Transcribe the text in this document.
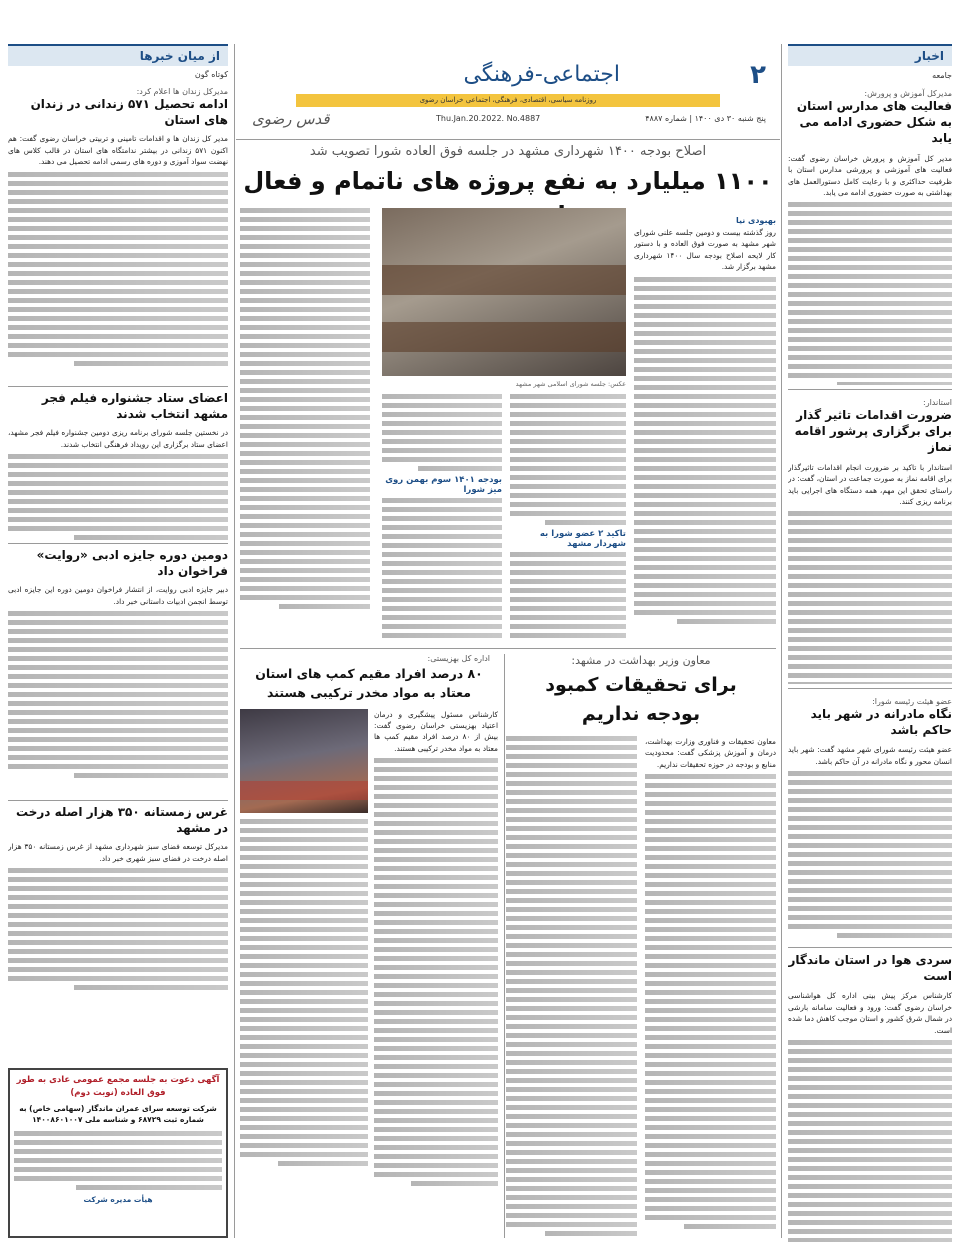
۲
اجتماعی-فرهنگی
روزنامه سیاسی، اقتصادی، فرهنگی، اجتماعی خراسان رضوی
پنج شنبه ۳۰ دی ۱۴۰۰ | شماره ۴۸۸۷
Thu.Jan.20.2022. No.4887
قدس رضوی
اخبار
جامعه
مدیرکل آموزش و پرورش:
فعالیت های مدارس استان به شکل حضوری ادامه می یابد
مدیر کل آموزش و پرورش خراسان رضوی گفت: فعالیت های آموزشی و پرورشی مدارس استان با ظرفیت حداکثری و با رعایت کامل دستورالعمل های بهداشتی به صورت حضوری ادامه می یابد.
استاندار:
ضرورت اقدامات تاثیر گذار برای برگزاری پرشور اقامه نماز
استاندار با تاکید بر ضرورت انجام اقدامات تاثیرگذار برای اقامه نماز به صورت جماعت در استان، گفت: در راستای تحقق این مهم، همه دستگاه های اجرایی باید برنامه ریزی کنند.
عضو هیئت رئیسه شورا:
نگاه مادرانه در شهر باید حاکم باشد
عضو هیئت رئیسه شورای شهر مشهد گفت: شهر باید انسان محور و نگاه مادرانه در آن حاکم باشد.
سردی هوا در استان ماندگار است
کارشناس مرکز پیش بینی اداره کل هواشناسی خراسان رضوی گفت: ورود و فعالیت سامانه بارشی در شمال شرق کشور و استان موجب کاهش دما شده است.
از میان خبرها
کوتاه گون
مدیرکل زندان ها اعلام کرد:
ادامه تحصیل ۵۷۱ زندانی در زندان های استان
مدیر کل زندان ها و اقدامات تامینی و تربیتی خراسان رضوی گفت: هم اکنون ۵۷۱ زندانی در بیشتر ندامتگاه های استان در قالب کلاس های نهضت سواد آموزی و دوره های رسمی ادامه تحصیل می دهند.
اعضای ستاد جشنواره فیلم فجر مشهد انتخاب شدند
در نخستین جلسه شورای برنامه ریزی دومین جشنواره فیلم فجر مشهد، اعضای ستاد برگزاری این رویداد فرهنگی انتخاب شدند.
دومین دوره جایزه ادبی «روایت» فراخوان داد
دبیر جایزه ادبی روایت، از انتشار فراخوان دومین دوره این جایزه ادبی توسط انجمن ادبیات داستانی خبر داد.
غرس زمستانه ۳۵۰ هزار اصله درخت در مشهد
مدیرکل توسعه فضای سبز شهرداری مشهد از غرس زمستانه ۳۵۰ هزار اصله درخت در فضای سبز شهری خبر داد.
آگهی دعوت به جلسه مجمع عمومی عادی به طور فوق العاده (نوبت دوم)
شرکت توسعه سرای عمران ماندگار (سهامی خاص) به شماره ثبت ۶۸۷۲۹ و شناسه ملی ۱۴۰۰۸۶۰۱۰۰۷
هیأت مدیره شرکت
اصلاح بودجه ۱۴۰۰ شهرداری مشهد در جلسه فوق العاده شورا تصویب شد
۱۱۰۰ میلیارد به نفع پروژه های ناتمام و فعال
عکس: جلسه شورای اسلامی شهر مشهد
بهبودی نیا
روز گذشته بیست و دومین جلسه علنی شورای شهر مشهد به صورت فوق العاده و با دستور کار لایحه اصلاح بودجه سال ۱۴۰۰ شهرداری مشهد برگزار شد.
تاکید ۲ عضو شورا به شهردار مشهد
بودجه ۱۴۰۱ سوم بهمن روی میز شورا
معاون وزیر بهداشت در مشهد:
برای تحقیقات کمبود بودجه نداریم
معاون تحقیقات و فناوری وزارت بهداشت، درمان و آموزش پزشکی گفت: محدودیت منابع و بودجه در حوزه تحقیقات نداریم.
اداره کل بهزیستی:
۸۰ درصد افراد مقیم کمپ های استان معتاد به مواد مخدر ترکیبی هستند
کارشناس مسئول پیشگیری و درمان اعتیاد بهزیستی خراسان رضوی گفت: بیش از ۸۰ درصد افراد مقیم کمپ ها معتاد به مواد مخدر ترکیبی هستند.
